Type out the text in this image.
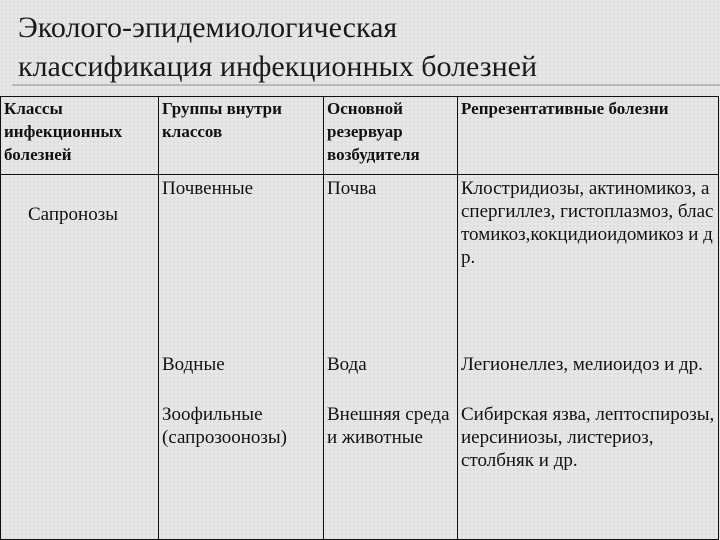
Эколого-эпидемиологическая
классификация инфекционных болезней
Классы инфекционных болезней	Группы внутри классов	Основной резервуар возбудителя	Репрезентативные болезни
Сапронозы	Почвенные	Почва	Клостридиозы, актиномикоз, аспергиллез, гистоплазмоз, бластомикоз,кокцидиоидомикоз и др.
	Водные	Вода	Легионеллез, мелиоидоз и др.
	Зоофильные (сапрозоонозы)	Внешняя среда и животные	Сибирская язва, лептоспирозы, иерсиниозы, листериоз, столбняк и др.
